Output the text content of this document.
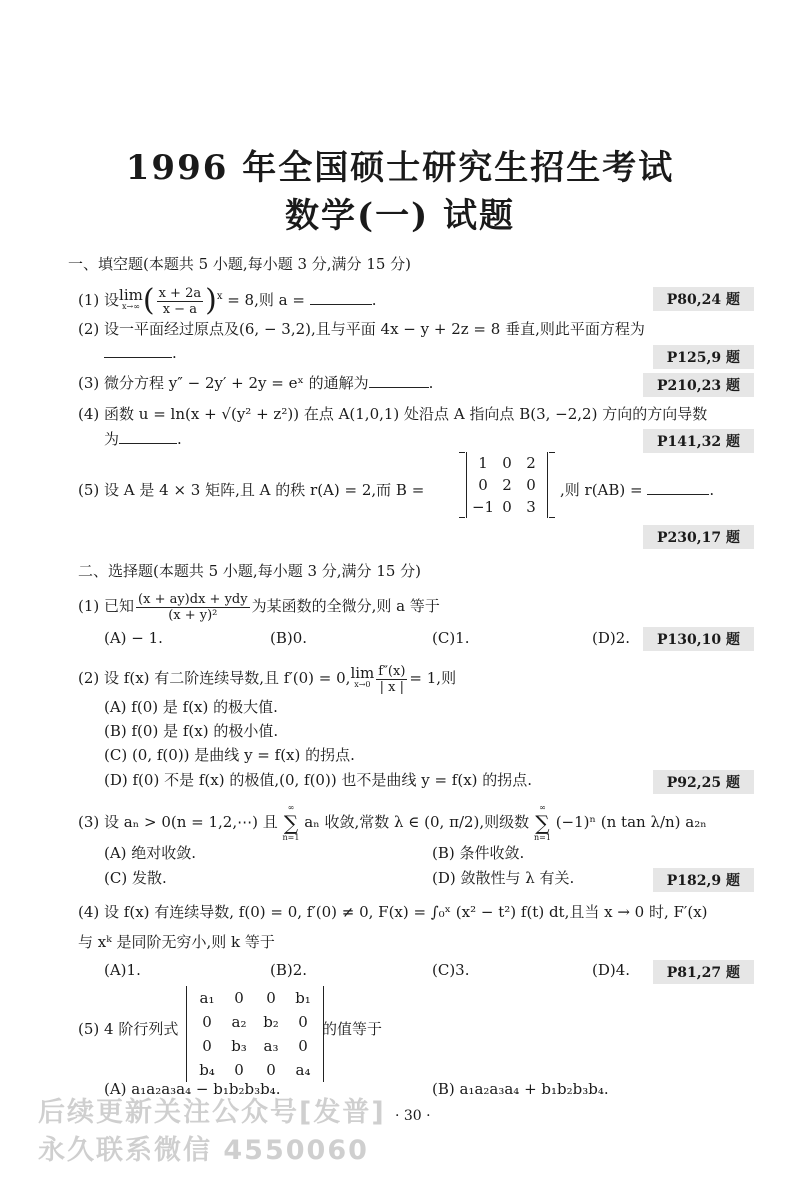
1996 年全国硕士研究生招生考试
数学(一) 试题
一、填空题(本题共 5 小题,每小题 3 分,满分 15 分)
(1) 设lim
x→∞ ( $\frac{x + 2a}{x - a} )^x = 8$,则 a =	.	P80,24 题
(2) 设一平面经过原点及(6, − 3,2),且与平面 4x − y + 2z = 8 垂直,则此平面方程为
.	P125,9 题
(3) 微分方程 y″ − 2y′ + 2y = eˣ 的通解为	.	P210,23 题
(4) 函数 u = ln(x + √(y² + z²)) 在点 A(1,0,1) 处沿点 A 指向点 B(3, −2,2) 方向的方向导数
为	.	P141,32 题
(5) 设 A 是 4 × 3 矩阵,且 A 的秩 r(A) = 2,而 B =
1 0 2
0 2 0
−1 0 3
,则 r(AB) =	.
P230,17 题
二、选择题(本题共 5 小题,每小题 3 分,满分 15 分)
(1) 已知 $\frac{\text{(x + ay)dx + ydy}}{\text{(x + y)²}}$ 为某函数的全微分,则 a 等于
(A) − 1.	(B)0.	(C)1.	(D)2.	P130,10 题
(2) 设 f(x) 有二阶连续导数,且 f′(0) = 0,lim
$x\to 0 \frac{f''(x)}{| x |} = 1$,则
(A) f(0) 是 f(x) 的极大值.
(B) f(0) 是 f(x) 的极小值.
(C) (0, f(0)) 是曲线 y = f(x) 的拐点.
(D) f(0) 不是 f(x) 的极值,(0, f(0)) 也不是曲线 y = f(x) 的拐点.	P92,25 题
(3) 设 aₙ > 0(n = 1,2,⋯) 且
∞
∑
n=1
aₙ 收敛,常数 λ ∈ (0, π/2),则级数
∞
∑
n=1
(−1)ⁿ (n tan λ/n) a₂ₙ
(A) 绝对收敛.	(B) 条件收敛.
(C) 发散.	(D) 敛散性与 λ 有关.	P182,9 题
(4) 设 f(x) 有连续导数, f(0) = 0, f′(0) ≠ 0, F(x) = ∫₀ˣ (x² − t²) f(t) dt,且当 x → 0 时, F′(x)
与 xᵏ 是同阶无穷小,则 k 等于
(A)1.	(B)2.	(C)3.	(D)4.	P81,27 题
(5) 4 阶行列式
a₁	0	0	b₁
0	a₂	b₂	0
0	b₃	a₃	0
b₄	0	0	a₄
的值等于
(A) a₁a₂a₃a₄ − b₁b₂b₃b₄.	(B) a₁a₂a₃a₄ + b₁b₂b₃b₄.
· 30 ·
后续更新关注公众号[发普]
永久联系微信 4550060
